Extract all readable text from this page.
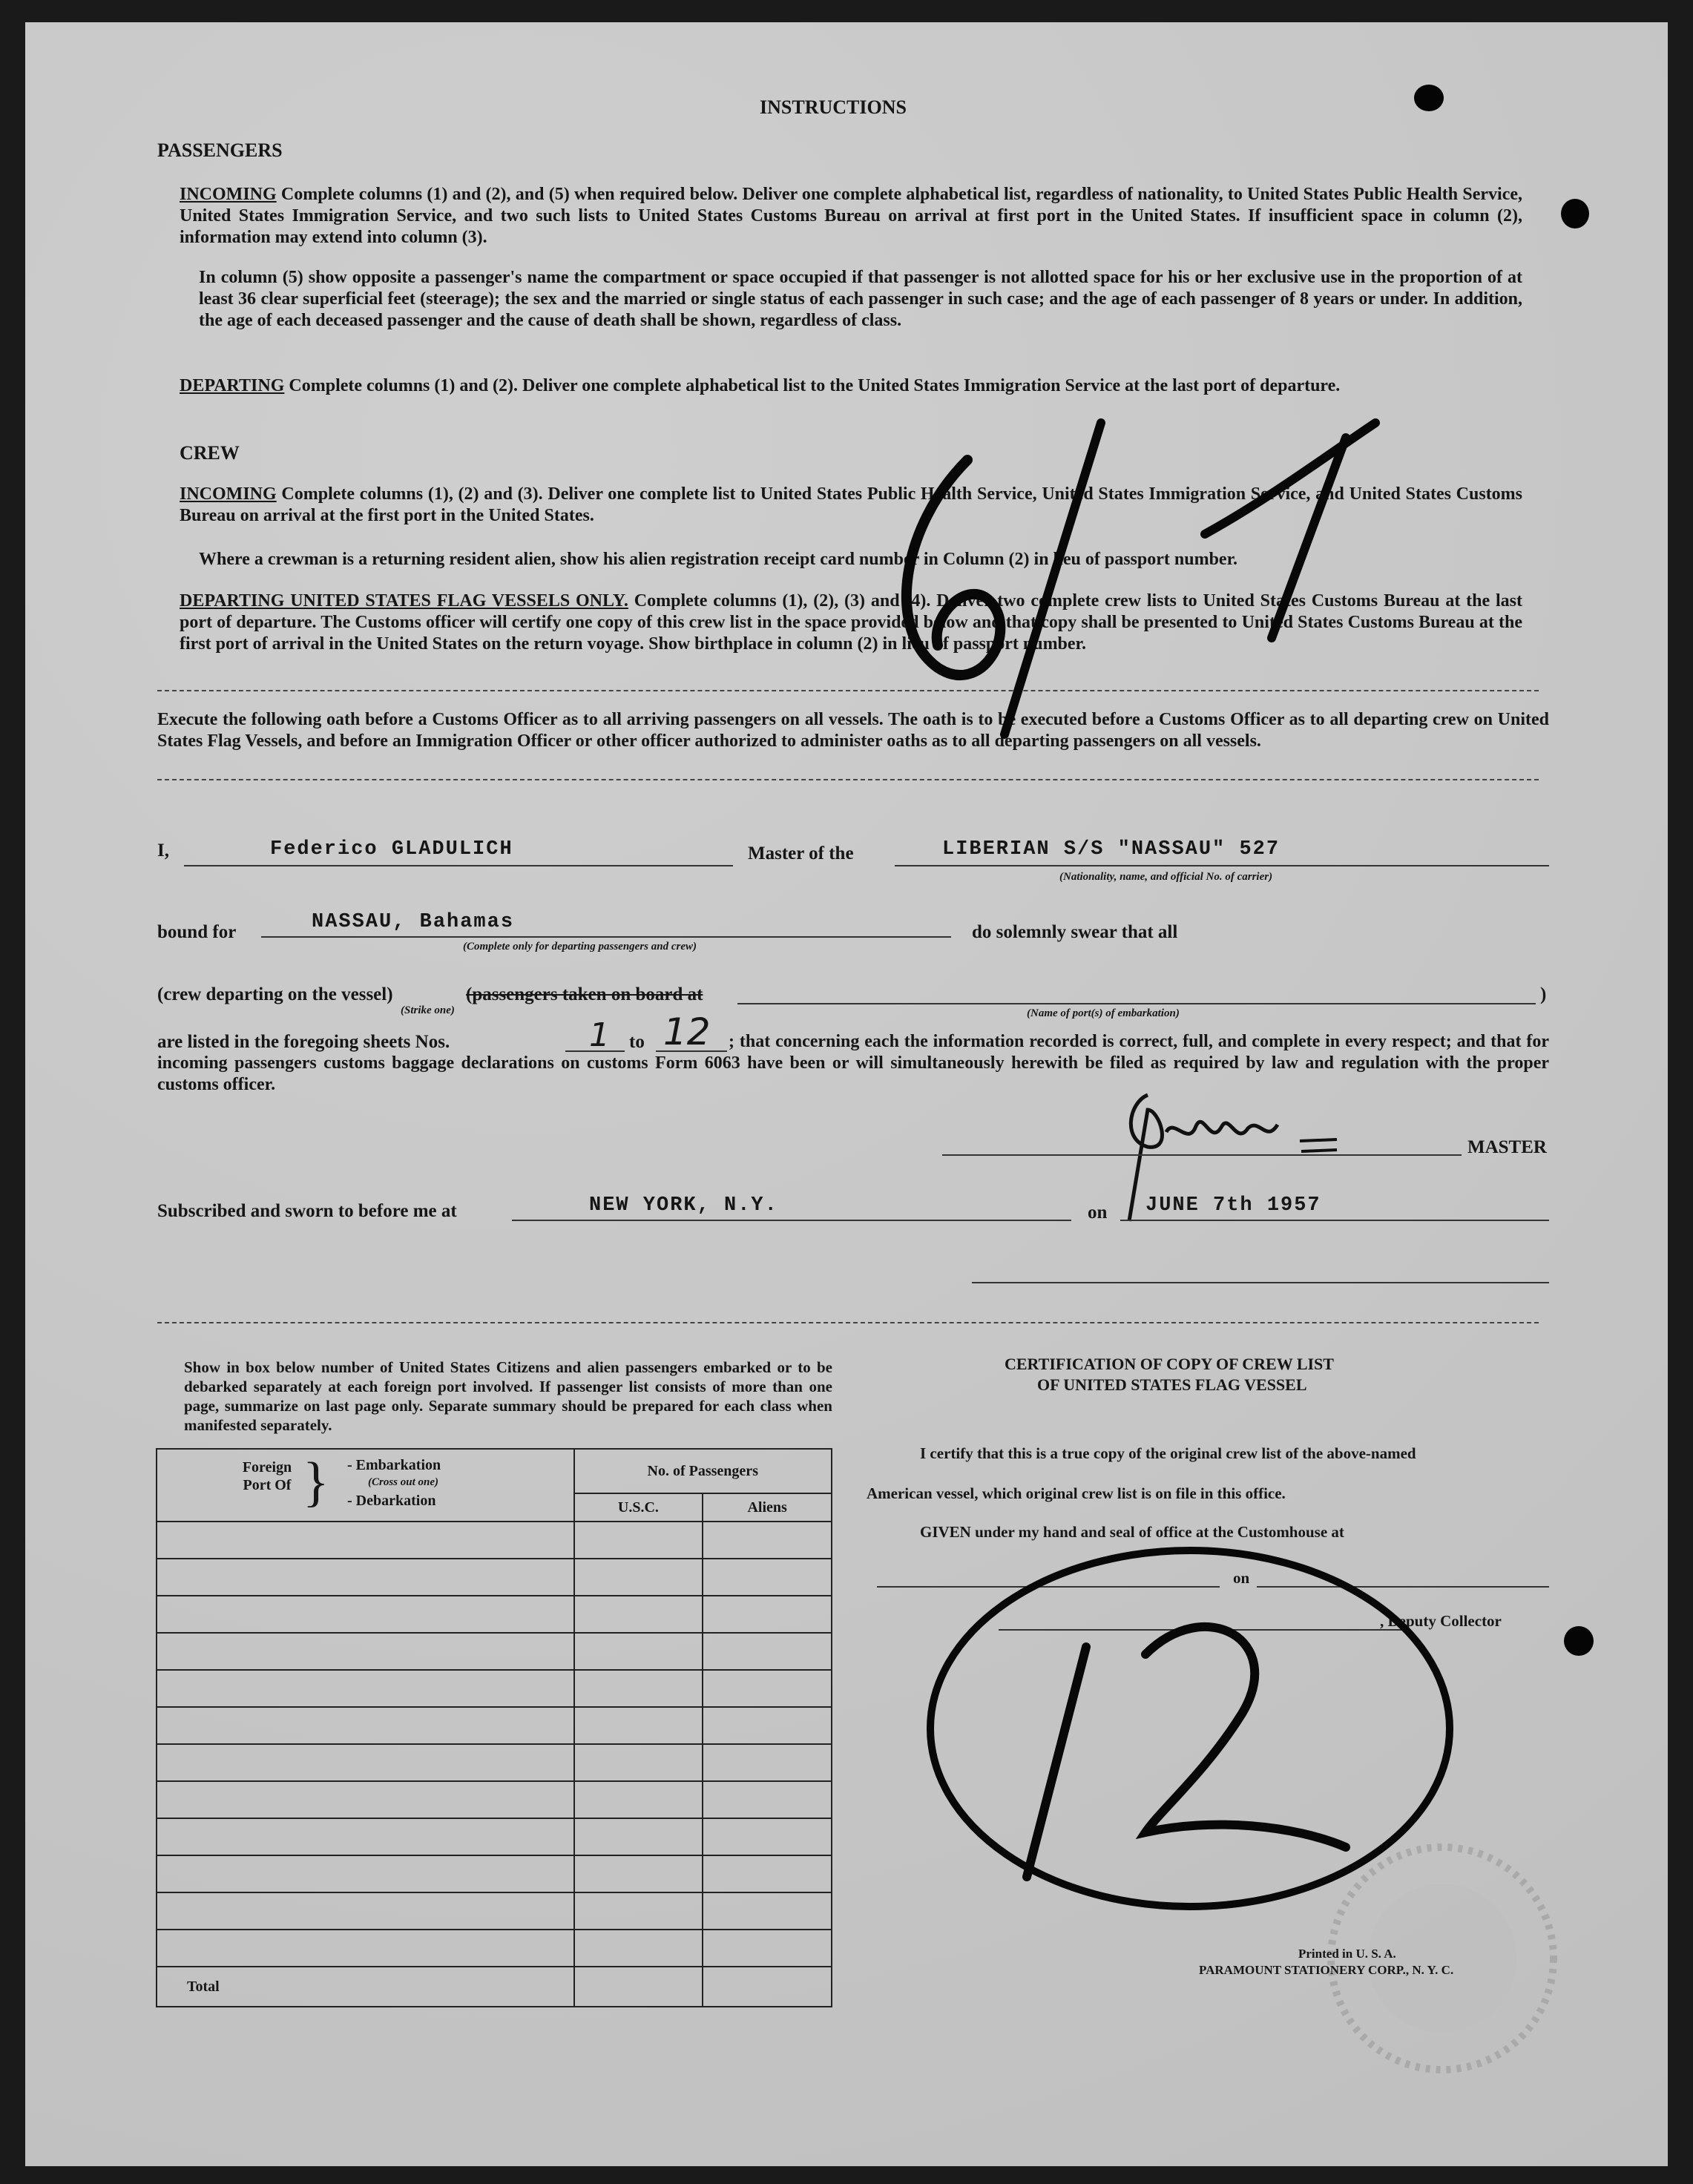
INSTRUCTIONS
PASSENGERS
INCOMING Complete columns (1) and (2), and (5) when required below. Deliver one complete alphabetical list, regardless of nationality, to United States Public Health Service, United States Immigration Service, and two such lists to United States Customs Bureau on arrival at first port in the United States. If insufficient space in column (2), information may extend into column (3).
In column (5) show opposite a passenger's name the compartment or space occupied if that passenger is not allotted space for his or her exclusive use in the proportion of at least 36 clear superficial feet (steerage); the sex and the married or single status of each passenger in such case; and the age of each passenger of 8 years or under. In addition, the age of each deceased passenger and the cause of death shall be shown, regardless of class.
DEPARTING Complete columns (1) and (2). Deliver one complete alphabetical list to the United States Immigration Service at the last port of departure.
CREW
INCOMING Complete columns (1), (2) and (3). Deliver one complete list to United States Public Health Service, United States Immigration Service, and United States Customs Bureau on arrival at the first port in the United States.
Where a crewman is a returning resident alien, show his alien registration receipt card number in Column (2) in lieu of passport number.
DEPARTING UNITED STATES FLAG VESSELS ONLY. Complete columns (1), (2), (3) and (4). Deliver two complete crew lists to United States Customs Bureau at the last port of departure. The Customs officer will certify one copy of this crew list in the space provided below and that copy shall be presented to United States Customs Bureau at the first port of arrival in the United States on the return voyage. Show birthplace in column (2) in lieu of passport number.
Execute the following oath before a Customs Officer as to all arriving passengers on all vessels. The oath is to be executed before a Customs Officer as to all departing crew on United States Flag Vessels, and before an Immigration Officer or other officer authorized to administer oaths as to all departing passengers on all vessels.
I,	Federico GLADULICH	Master of the	LIBERIAN S/S "NASSAU" 527
(Nationality, name, and official No. of carrier)
bound for	NASSAU, Bahamas
(Complete only for departing passengers and crew)
do solemnly swear that all
(crew departing on the vessel)	(passengers taken on board at	)
(Strike one)	(Name of port(s) of embarkation)
are listed in the foregoing sheets Nos.	1 to 12	; that concerning each the information recorded is correct, full, and complete in every respect; and that for incoming passengers customs baggage declarations on customs Form 6063 have been or will simultaneously herewith be filed as required by law and regulation with the proper customs officer.
MASTER
Subscribed and sworn to before me at	NEW YORK, N.Y.	on JUNE 7th 1957
Show in box below number of United States Citizens and alien passengers embarked or to be debarked separately at each foreign port involved. If passenger list consists of more than one page, summarize on last page only. Separate summary should be prepared for each class when manifested separately.
Foreign Port Of } - Embarkation
(Cross out one)
- Debarkation	No. of Passengers	
	U.S.C.	Aliens

Total		
CERTIFICATION OF COPY OF CREW LIST
OF UNITED STATES FLAG VESSEL
I certify that this is a true copy of the original crew list of the above-named
American vessel, which original crew list is on file in this office.
GIVEN under my hand and seal of office at the Customhouse at
on
, Deputy Collector
Printed in U. S. A.
PARAMOUNT STATIONERY CORP., N. Y. C.
6/7
12
